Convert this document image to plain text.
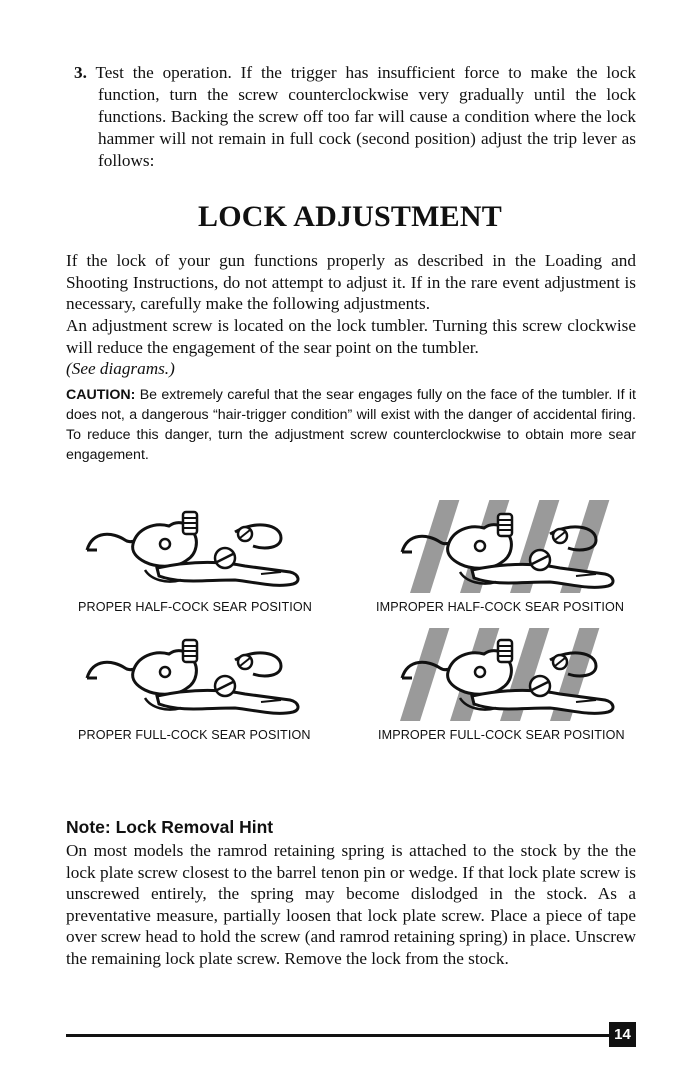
3. Test the operation. If the trigger has insufficient force to make the lock function, turn the screw counterclockwise very gradually until the lock functions. Backing the screw off too far will cause a condition where the lock hammer will not remain in full cock (second position) adjust the trip lever as follows:
LOCK ADJUSTMENT
If the lock of your gun functions properly as described in the Loading and Shooting Instructions, do not attempt to adjust it. If in the rare event adjustment is necessary, carefully make the following adjustments.
An adjustment screw is located on the lock tumbler. Turning this screw clockwise will reduce the engagement of the sear point on the tumbler.
(See diagrams.)
CAUTION: Be extremely careful that the sear engages fully on the face of the tumbler. If it does not, a dangerous “hair-trigger condition” will exist with the danger of accidental firing. To reduce this danger, turn the adjustment screw counterclockwise to obtain more sear engagement.
PROPER HALF-COCK SEAR POSITION	IMPROPER HALF-COCK SEAR POSITION
PROPER FULL-COCK SEAR POSITION	IMPROPER FULL-COCK SEAR POSITION
Note: Lock Removal Hint
On most models the ramrod retaining spring is attached to the stock by the the lock plate screw closest to the barrel tenon pin or wedge. If that lock plate screw is unscrewed entirely, the spring may become dislodged in the stock. As a preventative measure, partially loosen that lock plate screw. Place a piece of tape over screw head to hold the screw (and ramrod retaining spring) in place. Unscrew the remaining lock plate screw. Remove the lock from the stock.
14
